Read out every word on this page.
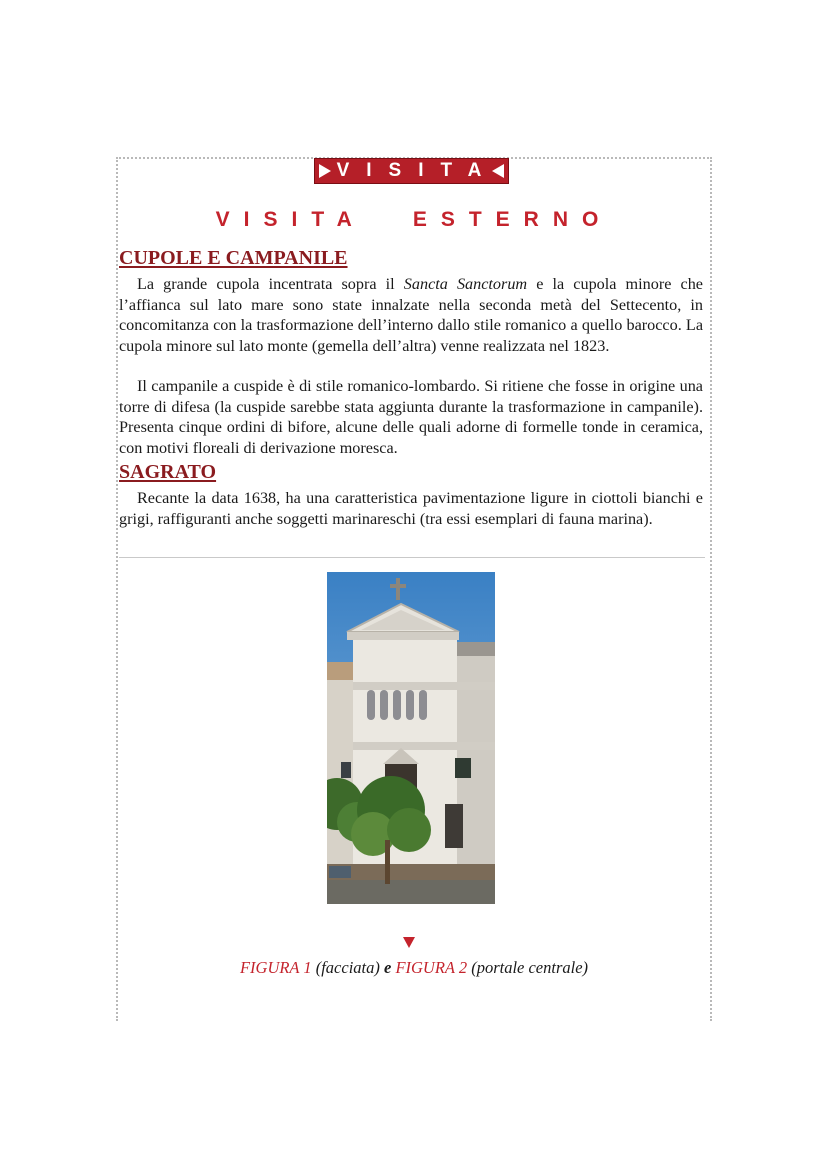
VISITA
VISITA ESTERNO
CUPOLE E CAMPANILE

La grande cupola incentrata sopra il Sancta Sanctorum e la cupola minore che l’affianca sul lato mare sono state innalzate nella seconda metà del Settecento, in concomitanza con la trasformazione dell’interno dallo stile romanico a quello barocco. La cupola minore sul lato monte (gemella dell’altra) venne realizzata nel 1823.

Il campanile a cuspide è di stile romanico-lombardo. Si ritiene che fosse in origine una torre di difesa (la cuspide sarebbe stata aggiunta durante la trasformazione in campanile). Presenta cinque ordini di bifore, alcune delle quali adorne di formelle tonde in ceramica, con motivi floreali di derivazione moresca.

SAGRATO

Recante la data 1638, ha una caratteristica pavimentazione ligure in ciottoli bianchi e grigi, raffiguranti anche soggetti marinareschi (tra essi esemplari di fauna marina).

FIGURA 1 (facciata) e FIGURA 2 (portale centrale)
